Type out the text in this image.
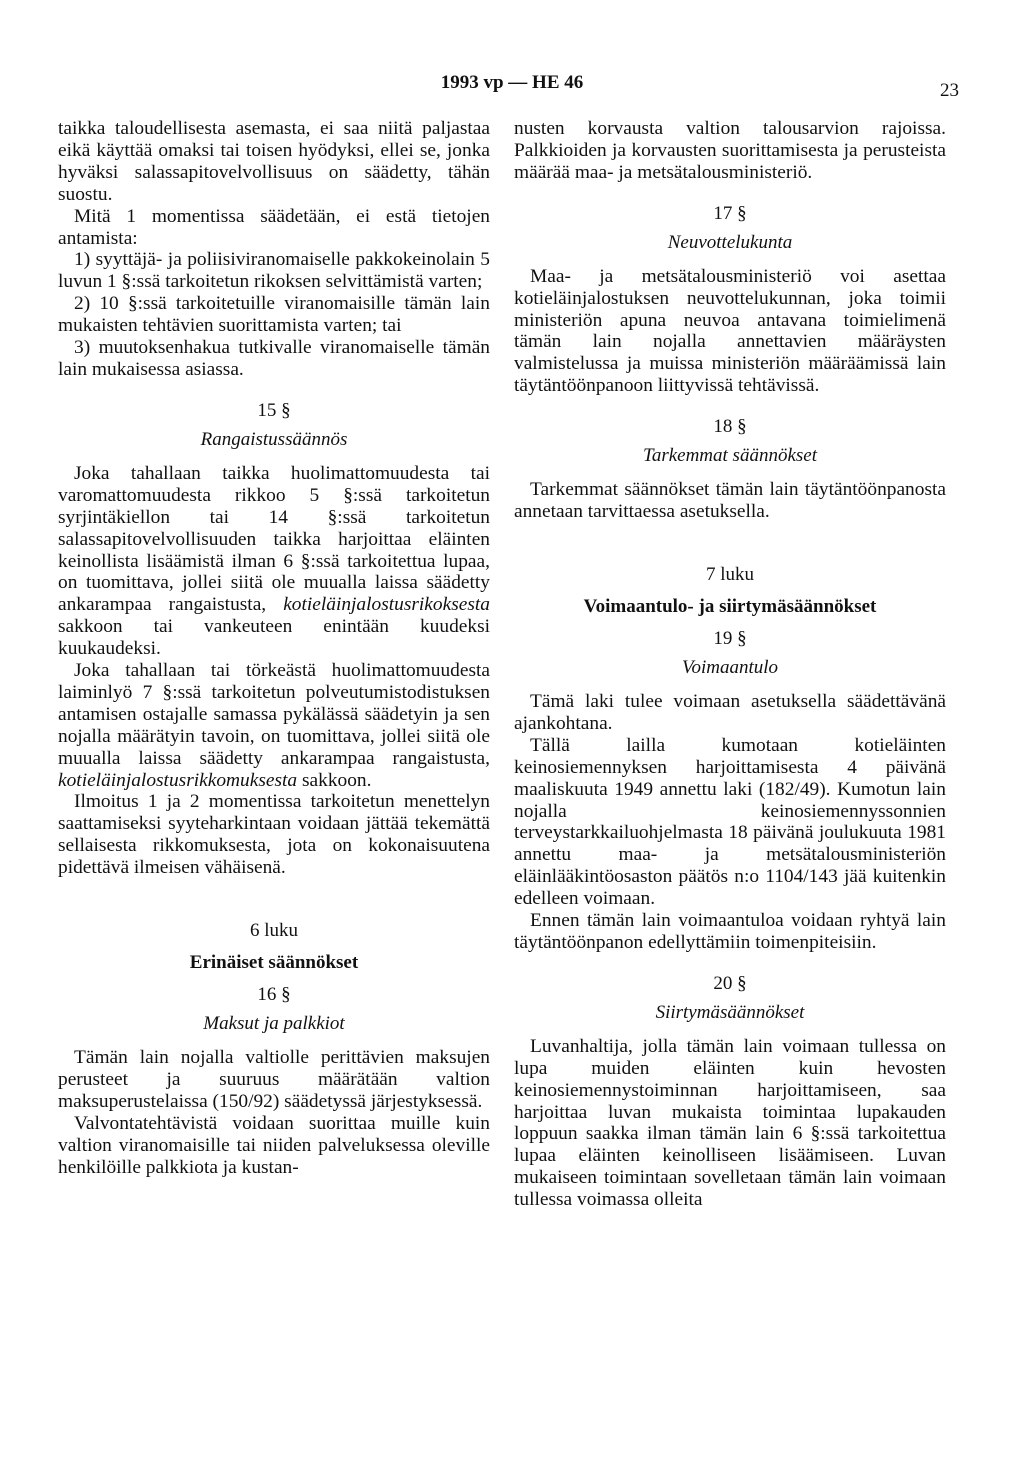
1993 vp — HE 46	23

taikka taloudellisesta asemasta, ei saa niitä paljastaa eikä käyttää omaksi tai toisen hyödyksi, ellei se, jonka hyväksi salassapitovelvollisuus on säädetty, tähän suostu.

Mitä 1 momentissa säädetään, ei estä tietojen antamista:

1) syyttäjä- ja poliisiviranomaiselle pakkokeinolain 5 luvun 1 §:ssä tarkoitetun rikoksen selvittämistä varten;

2) 10 §:ssä tarkoitetuille viranomaisille tämän lain mukaisten tehtävien suorittamista varten; tai

3) muutoksenhakua tutkivalle viranomaiselle tämän lain mukaisessa asiassa.

15 §
Rangaistussäännös

Joka tahallaan taikka huolimattomuudesta tai varomattomuudesta rikkoo 5 §:ssä tarkoitetun syrjintäkiellon tai 14 §:ssä tarkoitetun salassapitovelvollisuuden taikka harjoittaa eläinten keinollista lisäämistä ilman 6 §:ssä tarkoitettua lupaa, on tuomittava, jollei siitä ole muualla laissa säädetty ankarampaa rangaistusta, kotieläinjalostusrikoksesta sakkoon tai vankeuteen enintään kuudeksi kuukaudeksi.

Joka tahallaan tai törkeästä huolimattomuudesta laiminlyö 7 §:ssä tarkoitetun polveutumistodistuksen antamisen ostajalle samassa pykälässä säädetyin ja sen nojalla määrätyin tavoin, on tuomittava, jollei siitä ole muualla laissa säädetty ankarampaa rangaistusta, kotieläinjalostusrikkomuksesta sakkoon.

Ilmoitus 1 ja 2 momentissa tarkoitetun menettelyn saattamiseksi syyteharkintaan voidaan jättää tekemättä sellaisesta rikkomuksesta, jota on kokonaisuutena pidettävä ilmeisen vähäisenä.

6 luku
Erinäiset säännökset
16 §
Maksut ja palkkiot

Tämän lain nojalla valtiolle perittävien maksujen perusteet ja suuruus määrätään valtion maksuperustelaissa (150/92) säädetyssä järjestyksessä.

Valvontatehtävistä voidaan suorittaa muille kuin valtion viranomaisille tai niiden palveluksessa oleville henkilöille palkkiota ja kustan-

nusten korvausta valtion talousarvion rajoissa. Palkkioiden ja korvausten suorittamisesta ja perusteista määrää maa- ja metsätalousministeriö.

17 §
Neuvottelukunta

Maa- ja metsätalousministeriö voi asettaa kotieläinjalostuksen neuvottelukunnan, joka toimii ministeriön apuna neuvoa antavana toimielimenä tämän lain nojalla annettavien määräysten valmistelussa ja muissa ministeriön määräämissä lain täytäntöönpanoon liittyvissä tehtävissä.

18 §
Tarkemmat säännökset

Tarkemmat säännökset tämän lain täytäntöönpanosta annetaan tarvittaessa asetuksella.

7 luku
Voimaantulo- ja siirtymäsäännökset
19 §
Voimaantulo

Tämä laki tulee voimaan asetuksella säädettävänä ajankohtana.

Tällä lailla kumotaan kotieläinten keinosiemennyksen harjoittamisesta 4 päivänä maaliskuuta 1949 annettu laki (182/49). Kumotun lain nojalla keinosiemennyssonnien terveystarkkailuohjelmasta 18 päivänä joulukuuta 1981 annettu maa- ja metsätalousministeriön eläinlääkintöosaston päätös n:o 1104/143 jää kuitenkin edelleen voimaan.

Ennen tämän lain voimaantuloa voidaan ryhtyä lain täytäntöönpanon edellyttämiin toimenpiteisiin.

20 §
Siirtymäsäännökset

Luvanhaltija, jolla tämän lain voimaan tullessa on lupa muiden eläinten kuin hevosten keinosiemennystoiminnan harjoittamiseen, saa harjoittaa luvan mukaista toimintaa lupakauden loppuun saakka ilman tämän lain 6 §:ssä tarkoitettua lupaa eläinten keinolliseen lisäämiseen. Luvan mukaiseen toimintaan sovelletaan tämän lain voimaan tullessa voimassa olleita
